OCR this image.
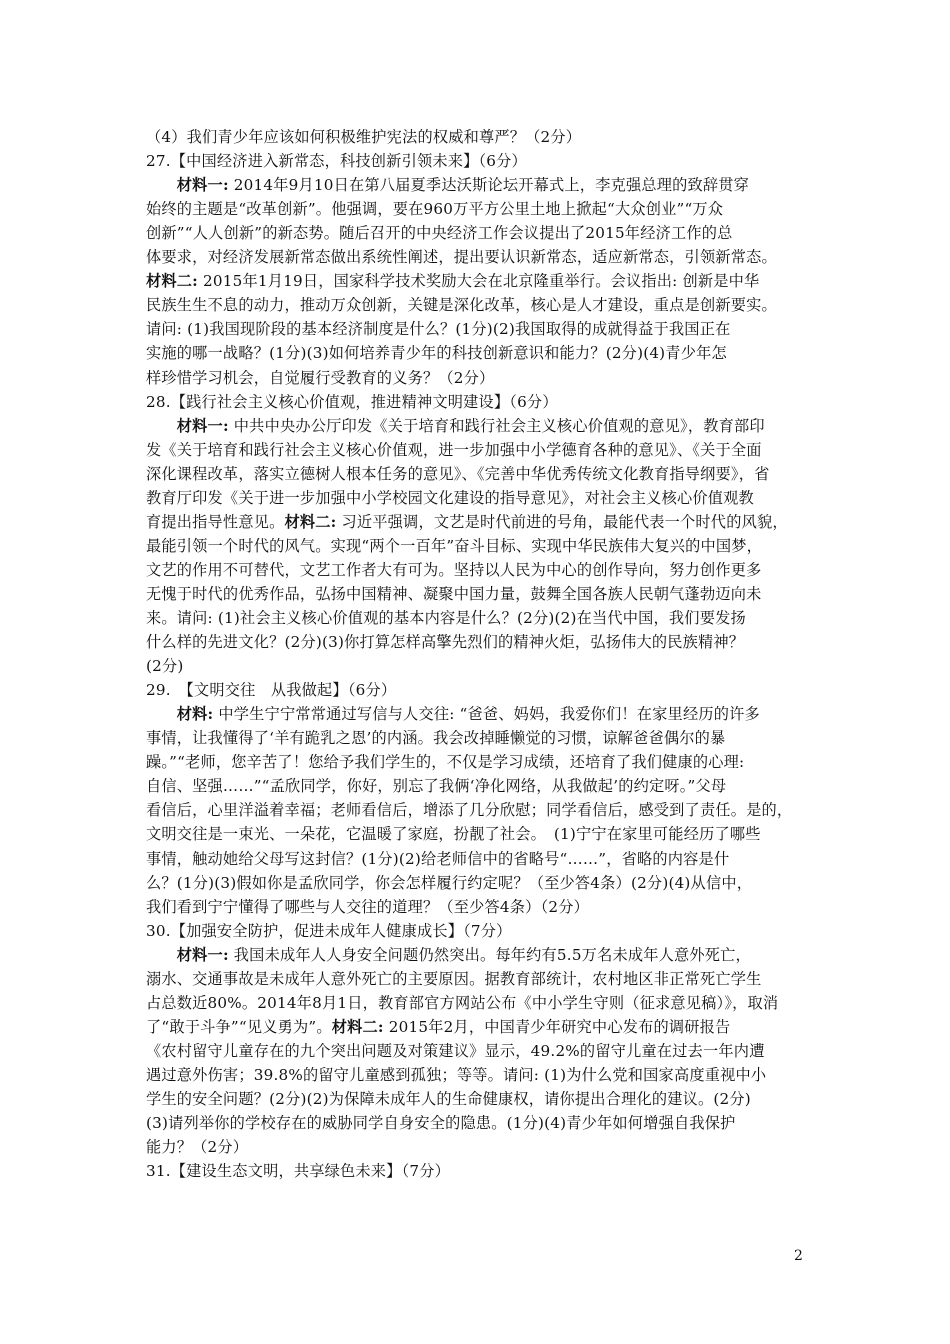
（4）我们青少年应该如何积极维护宪法的权威和尊严？（2分）
27.【中国经济进入新常态，科技创新引领未来】（6分）
　　材料一: 2014年9月10日在第八届夏季达沃斯论坛开幕式上，李克强总理的致辞贯穿
始终的主题是“改革创新”。他强调，要在960万平方公里土地上掀起“大众创业”“万众
创新”“人人创新”的新态势。随后召开的中央经济工作会议提出了2015年经济工作的总
体要求，对经济发展新常态做出系统性阐述，提出要认识新常态，适应新常态，引领新常态。
材料二: 2015年1月19日，国家科学技术奖励大会在北京隆重举行。会议指出: 创新是中华
民族生生不息的动力，推动万众创新，关键是深化改革，核心是人才建设，重点是创新要实。
请问: (1)我国现阶段的基本经济制度是什么？(1分)(2)我国取得的成就得益于我国正在
实施的哪一战略？(1分)(3)如何培养青少年的科技创新意识和能力？(2分)(4)青少年怎
样珍惜学习机会，自觉履行受教育的义务？（2分）
28.【践行社会主义核心价值观，推进精神文明建设】（6分）
　　材料一: 中共中央办公厅印发《关于培育和践行社会主义核心价值观的意见》，教育部印
发《关于培育和践行社会主义核心价值观，进一步加强中小学德育各种的意见》、《关于全面
深化课程改革，落实立德树人根本任务的意见》、《完善中华优秀传统文化教育指导纲要》，省
教育厅印发《关于进一步加强中小学校园文化建设的指导意见》，对社会主义核心价值观教
育提出指导性意见。材料二: 习近平强调，文艺是时代前进的号角，最能代表一个时代的风貌，
最能引领一个时代的风气。实现“两个一百年”奋斗目标、实现中华民族伟大复兴的中国梦，
文艺的作用不可替代，文艺工作者大有可为。坚持以人民为中心的创作导向，努力创作更多
无愧于时代的优秀作品，弘扬中国精神、凝聚中国力量，鼓舞全国各族人民朝气蓬勃迈向未
来。请问: (1)社会主义核心价值观的基本内容是什么？(2分)(2)在当代中国，我们要发扬
什么样的先进文化？(2分)(3)你打算怎样高擎先烈们的精神火炬，弘扬伟大的民族精神？
(2分)
29.　【文明交往　从我做起】（6分）
　　材料: 中学生宁宁常常通过写信与人交往: “爸爸、妈妈，我爱你们！在家里经历的许多
事情，让我懂得了‘羊有跪乳之恩’的内涵。我会改掉睡懒觉的习惯，谅解爸爸偶尔的暴
躁。”“老师，您辛苦了！您给予我们学生的，不仅是学习成绩，还培育了我们健康的心理:
自信、坚强……”“孟欣同学，你好，别忘了我俩‘净化网络，从我做起’的约定呀。”父母
看信后，心里洋溢着幸福；老师看信后，增添了几分欣慰；同学看信后，感受到了责任。是的，
文明交往是一束光、一朵花，它温暖了家庭，扮靓了社会。　(1)宁宁在家里可能经历了哪些
事情，触动她给父母写这封信？(1分)(2)给老师信中的省略号“……”，省略的内容是什
么？(1分)(3)假如你是孟欣同学，你会怎样履行约定呢？（至少答4条）(2分)(4)从信中，
我们看到宁宁懂得了哪些与人交往的道理？（至少答4条）（2分）
30.【加强安全防护，促进未成年人健康成长】（7分）
　　材料一: 我国未成年人人身安全问题仍然突出。每年约有5.5万名未成年人意外死亡，
溺水、交通事故是未成年人意外死亡的主要原因。据教育部统计，农村地区非正常死亡学生
占总数近80%。2014年8月1日，教育部官方网站公布《中小学生守则（征求意见稿）》，取消
了“敢于斗争”“见义勇为”。材料二: 2015年2月，中国青少年研究中心发布的调研报告
《农村留守儿童存在的九个突出问题及对策建议》显示，49.2%的留守儿童在过去一年内遭
遇过意外伤害；39.8%的留守儿童感到孤独；等等。请问: (1)为什么党和国家高度重视中小
学生的安全问题？(2分)(2)为保障未成年人的生命健康权，请你提出合理化的建议。(2分)
(3)请列举你的学校存在的威胁同学自身安全的隐患。(1分)(4)青少年如何增强自我保护
能力？（2分）
31.【建设生态文明，共享绿色未来】（7分）
2
